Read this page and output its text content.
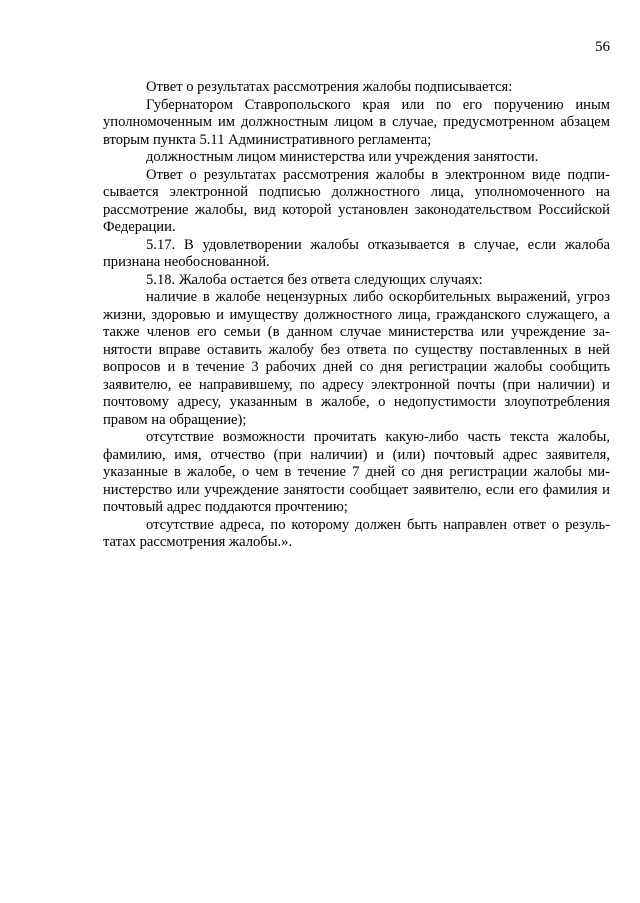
56

Ответ о результатах рассмотрения жалобы подписывается:

Губернатором Ставропольского края или по его поручению иным уполномоченным им должностным лицом в случае, предусмотренном абзацем вторым пункта 5.11 Административного регламента;

должностным лицом министерства или учреждения занятости.

Ответ о результатах рассмотрения жалобы в электронном виде подписывается электронной подписью должностного лица, уполномоченного на рассмотрение жалобы, вид которой установлен законодательством Российской Федерации.

5.17. В удовлетворении жалобы отказывается в случае, если жалоба признана необоснованной.

5.18. Жалоба остается без ответа следующих случаях:

наличие в жалобе нецензурных либо оскорбительных выражений, угроз жизни, здоровью и имуществу должностного лица, гражданского служащего, а также членов его семьи (в данном случае министерства или учреждение занятости вправе оставить жалобу без ответа по существу поставленных в ней вопросов и в течение 3 рабочих дней со дня регистрации жалобы сообщить заявителю, ее направившему, по адресу электронной почты (при наличии) и почтовому адресу, указанным в жалобе, о недопустимости злоупотребления правом на обращение);

отсутствие возможности прочитать какую-либо часть текста жалобы, фамилию, имя, отчество (при наличии) и (или) почтовый адрес заявителя, указанные в жалобе, о чем в течение 7 дней со дня регистрации жалобы министерство или учреждение занятости сообщает заявителю, если его фамилия и почтовый адрес поддаются прочтению;

отсутствие адреса, по которому должен быть направлен ответ о результатах рассмотрения жалобы.».
